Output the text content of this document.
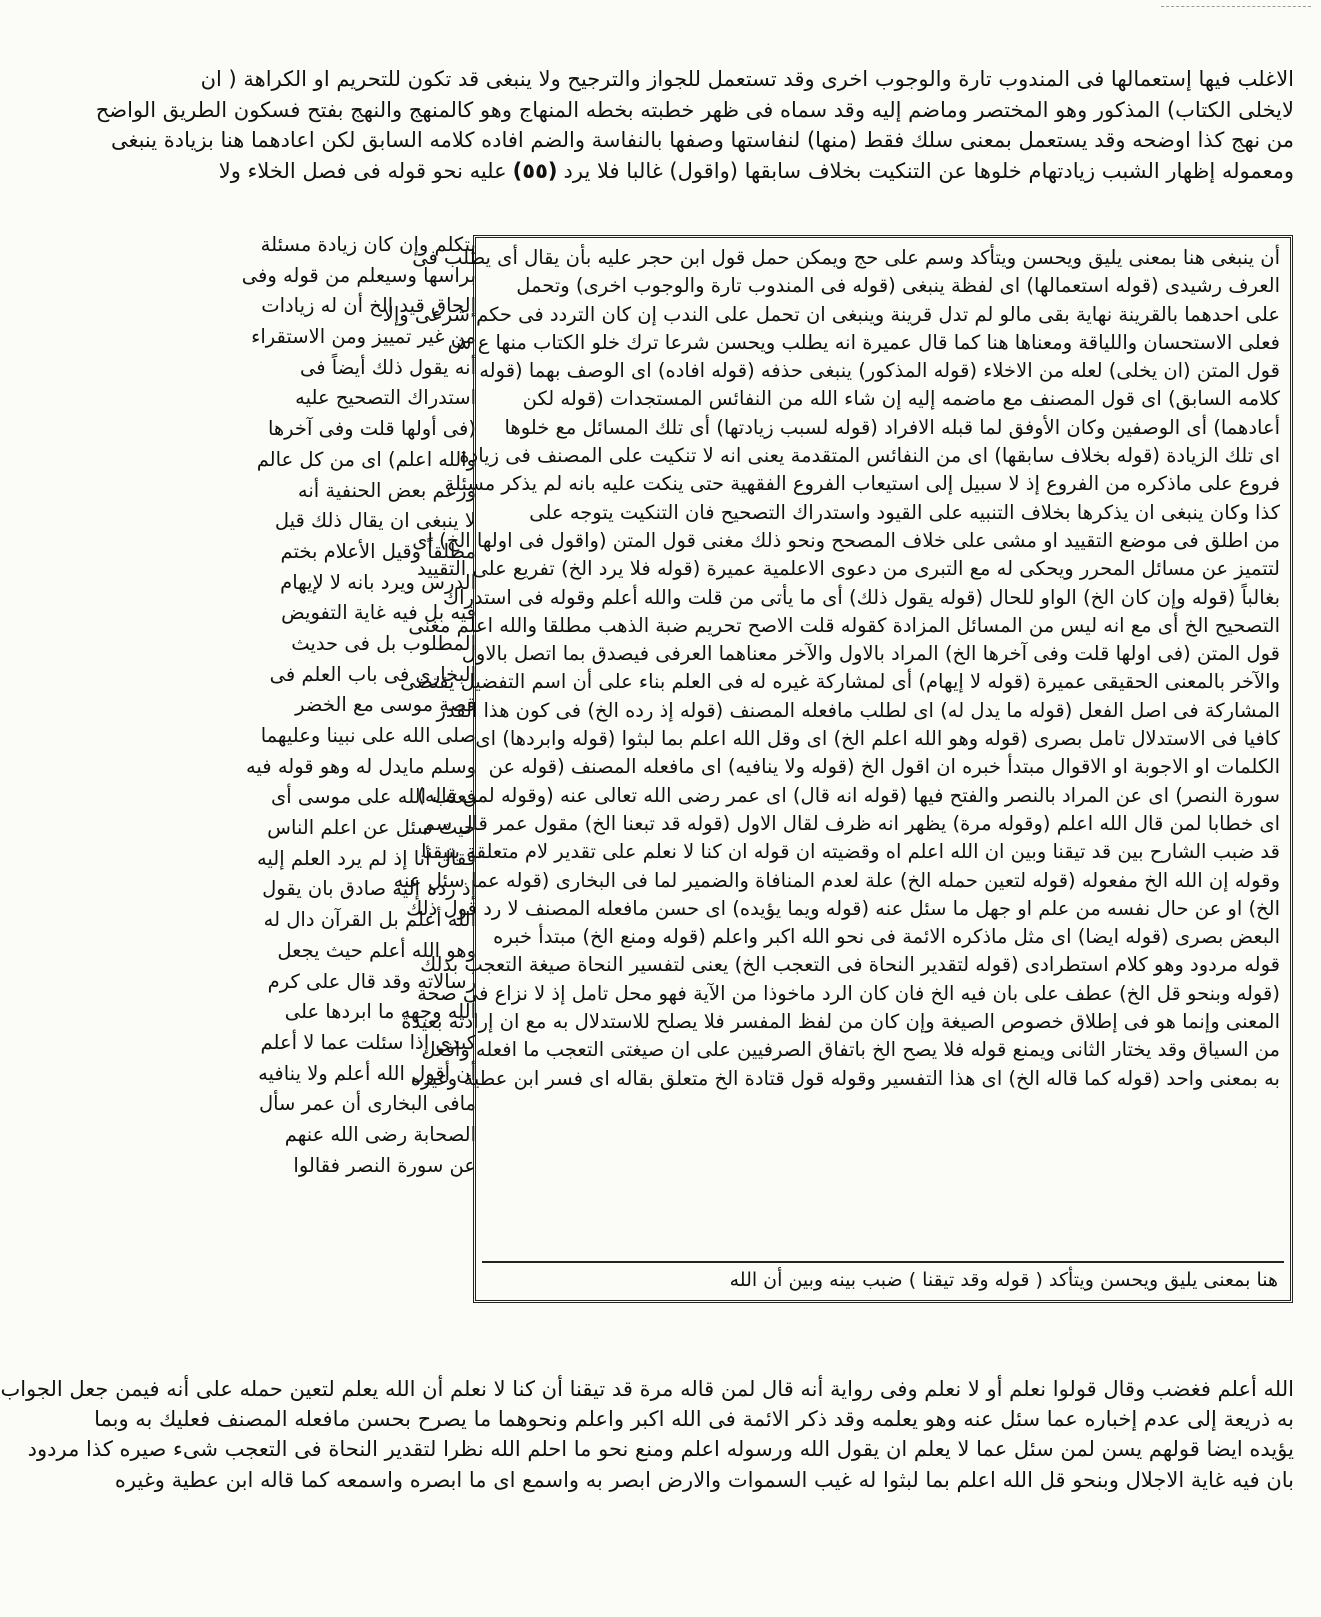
الاغلب فيها إستعمالها فى المندوب تارة والوجوب اخرى وقد تستعمل للجواز والترجيح ولا ينبغى قد تكون للتحريم او الكراهة ( ان
لايخلى الكتاب) المذكور وهو المختصر وماضم إليه وقد سماه فى ظهر خطبته بخطه المنهاج وهو كالمنهج والنهج بفتح فسكون الطريق الواضح
من نهج كذا اوضحه وقد يستعمل بمعنى سلك فقط (منها) لنفاستها وصفها بالنفاسة والضم افاده كلامه السابق لكن اعادهما هنا بزيادة ينبغى
ومعموله إظهار الشبب زيادتهام خلوها عن التنكيت بخلاف سابقها (واقول) غالبا فلا يرد(٥٥)عليه نحو قوله فى فصل الخلاء ولا
يتكلم وإن كان زيادة مسئلة
براسها وسيعلم من قوله وفى
إلحاق قيد الخ أن له زيادات
من غير تمييز ومن الاستقراء
أنه يقول ذلك أيضاً فى
استدراك التصحيح عليه
(فى أولها قلت وفى آخرها
والله اعلم) اى من كل عالم
وزعم بعض الحنفية أنه
لا ينبغى ان يقال ذلك قيل
مطلقاً وقيل الأعلام بختم
الدرس ويرد بانه لا لإيهام
فيه بل فيه غاية التفويض
المطلوب بل فى حديث
البخارى فى باب العلم فى
قصة موسى مع الخضر
صلى الله على نبينا وعليهما
وسلم مايدل له وهو قوله فيه
فعتب الله على موسى أى
حيث سئل عن اعلم الناس
فقال أنا إذ لم يرد العلم إليه
إذ ردہ إليه صادق بان يقول
الله أعلم بل القرآن دال له
وهو الله أعلم حيث يجعل
رسالاته وقد قال على كرم
الله وجهه ما ابردها على
كبدى إذا سئلت عما لا أعلم
أن أقول الله أعلم ولا ينافيه
مافى البخارى أن عمر سأل
الصحابة رضى الله عنهم
عن سورة النصر فقالوا
أن ينبغى هنا بمعنى يليق ويحسن ويتأكد وسم على حج ويمكن حمل قول ابن حجر عليه بأن يقال أى يطلب فى
العرف رشيدى (قوله استعمالها) اى لفظة ينبغى (قوله فى المندوب تارة والوجوب اخرى) وتحمل
على احدهما بالقرينة نهاية بقى مالو لم تدل قرينة وينبغى ان تحمل على الندب إن كان التردد فى حكم شرعى وإلا
فعلى الاستحسان واللياقة ومعناها هنا كما قال عميرة انه يطلب ويحسن شرعا ترك خلو الكتاب منها ع ش
قول المتن (ان يخلى) لعله من الاخلاء (قوله المذكور) ينبغى حذفه (قوله افاده) اى الوصف بهما (قوله
كلامه السابق) اى قول المصنف مع ماضمه إليه إن شاء الله من النفائس المستجدات (قوله لكن
أعادهما) أى الوصفين وكان الأوفق لما قبله الافراد (قوله لسبب زيادتها) أى تلك المسائل مع خلوها
اى تلك الزيادة (قوله بخلاف سابقها) اى من النفائس المتقدمة يعنى انه لا تنكيت على المصنف فى زيادة
فروع على ماذكره من الفروع إذ لا سبيل إلى استيعاب الفروع الفقهية حتى ينكت عليه بانه لم يذكر مسئلة
كذا وكان ينبغى ان يذكرها بخلاف التنبيه على القيود واستدراك التصحيح فان التنكيت يتوجه على
من اطلق فى موضع التقييد او مشى على خلاف المصحح ونحو ذلك مغنى قول المتن (واقول فى اولها الخ) اى
لتتميز عن مسائل المحرر ويحكى له مع التبرى من دعوى الاعلمية عميرة (قوله فلا يرد الخ) تفريع على التقييد
بغالباً (قوله وإن كان الخ) الواو للحال (قوله يقول ذلك) أى ما يأتى من قلت والله أعلم وقوله فى استدراك
التصحيح الخ أى مع انه ليس من المسائل المزادة كقوله قلت الاصح تحريم ضبة الذهب مطلقا والله اعلم مغنى
قول المتن (فى اولها قلت وفى آخرها الخ) المراد بالاول والآخر معناهما العرفى فيصدق بما اتصل بالاول
والآخر بالمعنى الحقيقى عميرة (قوله لا إيهام) أى لمشاركة غيره له فى العلم بناء على أن اسم التفضيل يقتضى
المشاركة فى اصل الفعل (قوله ما يدل له) اى لطلب مافعله المصنف (قوله إذ رده الخ) فى كون هذا القدر
كافيا فى الاستدلال تامل بصرى (قوله وهو الله اعلم الخ) اى وقل الله اعلم بما لبثوا (قوله وابردها) اى
الكلمات او الاجوبة او الاقوال مبتدأ خبره ان اقول الخ (قوله ولا ينافيه) اى مافعله المصنف (قوله عن
سورة النصر) اى عن المراد بالنصر والفتح فيها (قوله انه قال) اى عمر رضى الله تعالى عنه (وقوله لمن قاله)
اى خطابا لمن قال الله اعلم (وقوله مرة) يظهر انه ظرف لقال الاول (قوله قد تبعنا الخ) مقول عمر قال سم
قد ضبب الشارح بين قد تيقنا وبين ان الله اعلم اه وقضيته ان قوله ان كنا لا نعلم على تقدير لام متعلقة بتيقنا
وقوله إن الله الخ مفعوله (قوله لتعين حمله الخ) علة لعدم المنافاة والضمير لما فى البخارى (قوله عما سئل عنه
الخ) او عن حال نفسه من علم او جهل ما سئل عنه (قوله ويما يؤيده) اى حسن مافعله المصنف لا رد قول ذلك
البعض بصرى (قوله ايضا) اى مثل ماذكره الائمة فى نحو الله اكبر واعلم (قوله ومنع الخ) مبتدأ خبره
قوله مردود وهو كلام استطرادى (قوله لتقدير النحاة فى التعجب الخ) يعنى لتفسير النحاة صيغة التعجب بذلك
(قوله وبنحو قل الخ) عطف على بان فيه الخ فان كان الرد ماخوذا من الآية فهو محل تامل إذ لا نزاع فى صحة
المعنى وإنما هو فى إطلاق خصوص الصيغة وإن كان من لفظ المفسر فلا يصلح للاستدلال به مع ان إرادته بعيدة
من السياق وقد يختار الثانى ويمنع قوله فلا يصح الخ باتفاق الصرفيين على ان صيغتى التعجب ما افعله وافعل
به بمعنى واحد (قوله كما قاله الخ) اى هذا التفسير وقوله قول قتادة الخ متعلق بقاله اى فسر ابن عطية وغيره
هنا بمعنى يليق ويحسن ويتأكد ( قوله وقد تيقنا ) ضبب بينه وبين أن الله
الله أعلم فغضب وقال قولوا نعلم أو لا نعلم وفى رواية أنه قال لمن قاله مرة قد تيقنا أن كنا لا نعلم أن الله يعلم لتعين حمله على أنه فيمن جعل الجواب
به ذريعة إلى عدم إخباره عما سئل عنه وهو يعلمه وقد ذكر الائمة فى الله اكبر واعلم ونحوهما ما يصرح بحسن مافعله المصنف فعليك به وبما
يؤيده ايضا قولهم يسن لمن سئل عما لا يعلم ان يقول الله ورسوله اعلم ومنع نحو ما احلم الله نظرا لتقدير النحاة فى التعجب شىء صيره كذا مردود
بان فيه غاية الاجلال وبنحو قل الله اعلم بما لبثوا له غيب السموات والارض ابصر به واسمع اى ما ابصره واسمعه كما قاله ابن عطية وغيره
